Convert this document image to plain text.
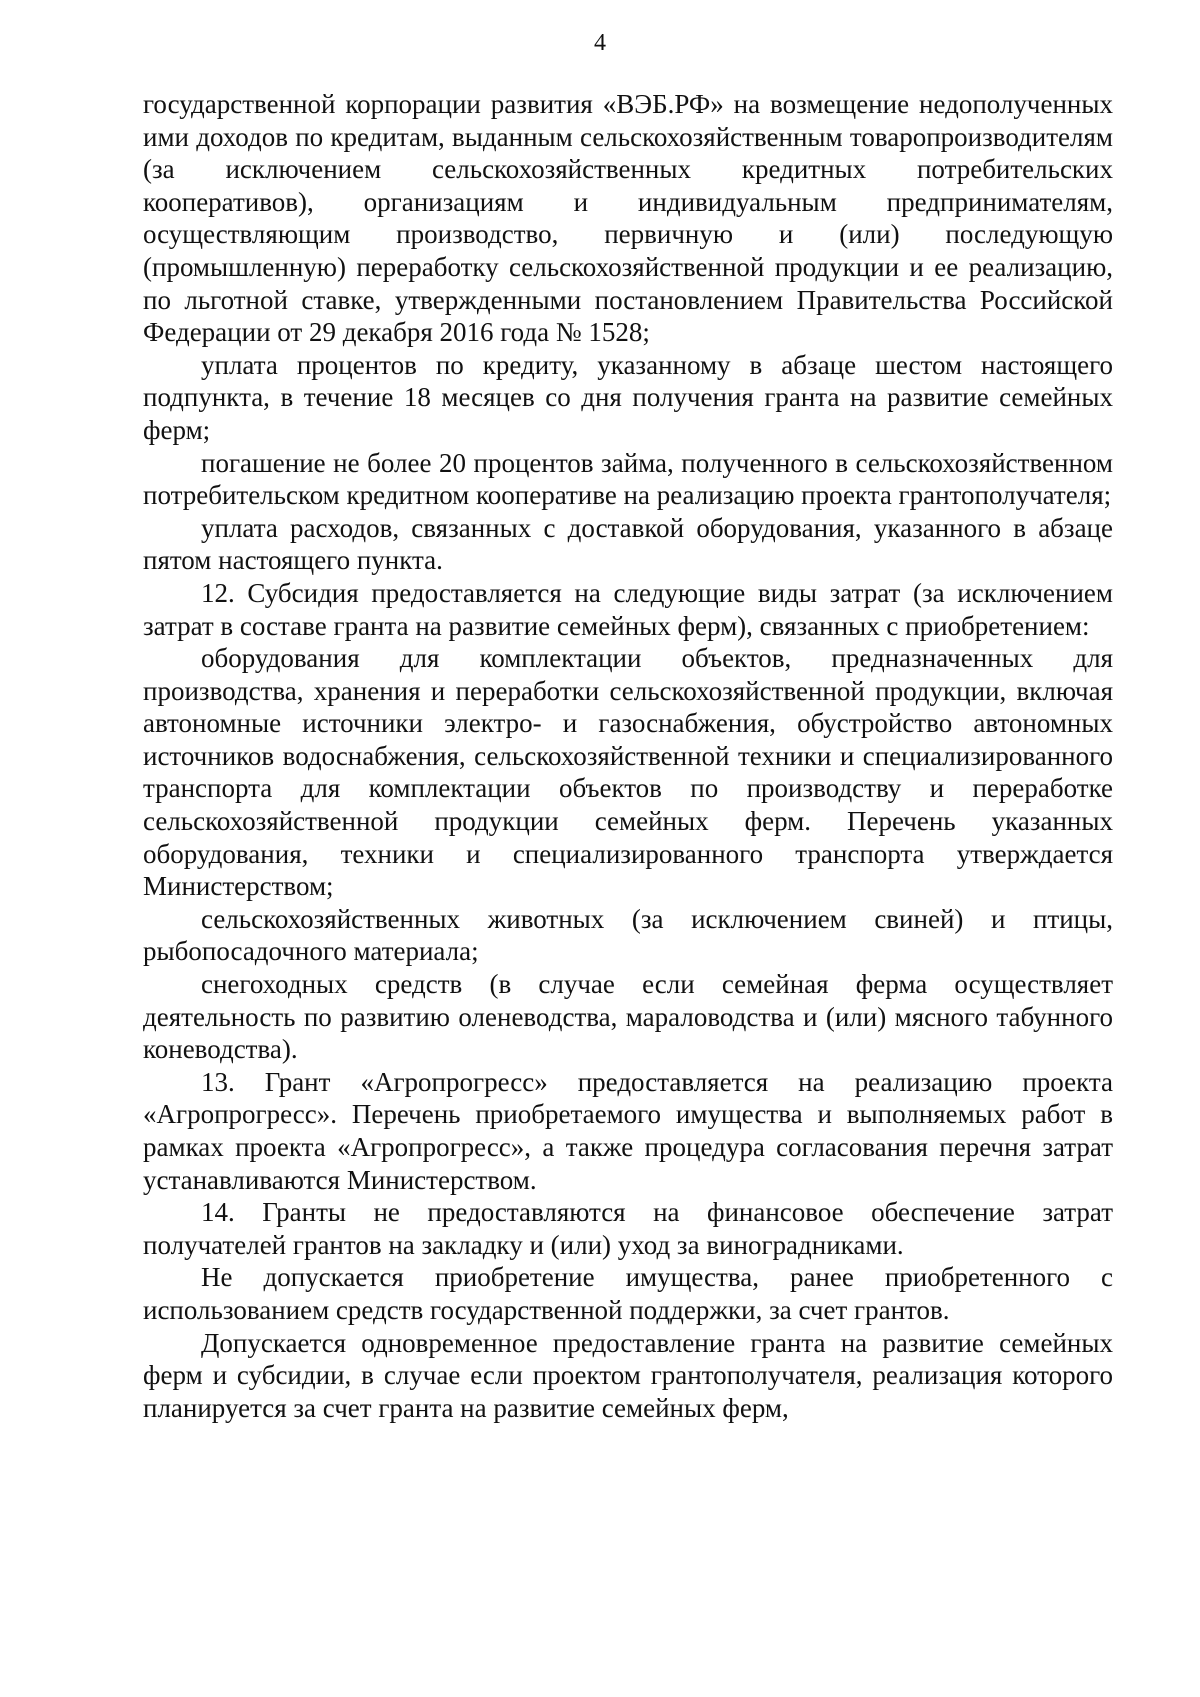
4

государственной корпорации развития «ВЭБ.РФ» на возмещение недополученных ими доходов по кредитам, выданным сельскохозяйственным товаропроизводителям (за исключением сельскохозяйственных кредитных потребительских кооперативов), организациям и индивидуальным предпринимателям, осуществляющим производство, первичную и (или) последующую (промышленную) переработку сельскохозяйственной продукции и ее реализацию, по льготной ставке, утвержденными постановлением Правительства Российской Федерации от 29 декабря 2016 года № 1528;

уплата процентов по кредиту, указанному в абзаце шестом настоящего подпункта, в течение 18 месяцев со дня получения гранта на развитие семейных ферм;

погашение не более 20 процентов займа, полученного в сельскохозяйственном потребительском кредитном кооперативе на реализацию проекта грантополучателя;

уплата расходов, связанных с доставкой оборудования, указанного в абзаце пятом настоящего пункта.

12. Субсидия предоставляется на следующие виды затрат (за исключением затрат в составе гранта на развитие семейных ферм), связанных с приобретением:

оборудования для комплектации объектов, предназначенных для производства, хранения и переработки сельскохозяйственной продукции, включая автономные источники электро- и газоснабжения, обустройство автономных источников водоснабжения, сельскохозяйственной техники и специализированного транспорта для комплектации объектов по производству и переработке сельскохозяйственной продукции семейных ферм. Перечень указанных оборудования, техники и специализированного транспорта утверждается Министерством;

сельскохозяйственных животных (за исключением свиней) и птицы, рыбопосадочного материала;

снегоходных средств (в случае если семейная ферма осуществляет деятельность по развитию оленеводства, мараловодства и (или) мясного табунного коневодства).

13. Грант «Агропрогресс» предоставляется на реализацию проекта «Агропрогресс». Перечень приобретаемого имущества и выполняемых работ в рамках проекта «Агропрогресс», а также процедура согласования перечня затрат устанавливаются Министерством.

14. Гранты не предоставляются на финансовое обеспечение затрат получателей грантов на закладку и (или) уход за виноградниками.

Не допускается приобретение имущества, ранее приобретенного с использованием средств государственной поддержки, за счет грантов.

Допускается одновременное предоставление гранта на развитие семейных ферм и субсидии, в случае если проектом грантополучателя, реализация которого планируется за счет гранта на развитие семейных ферм,
